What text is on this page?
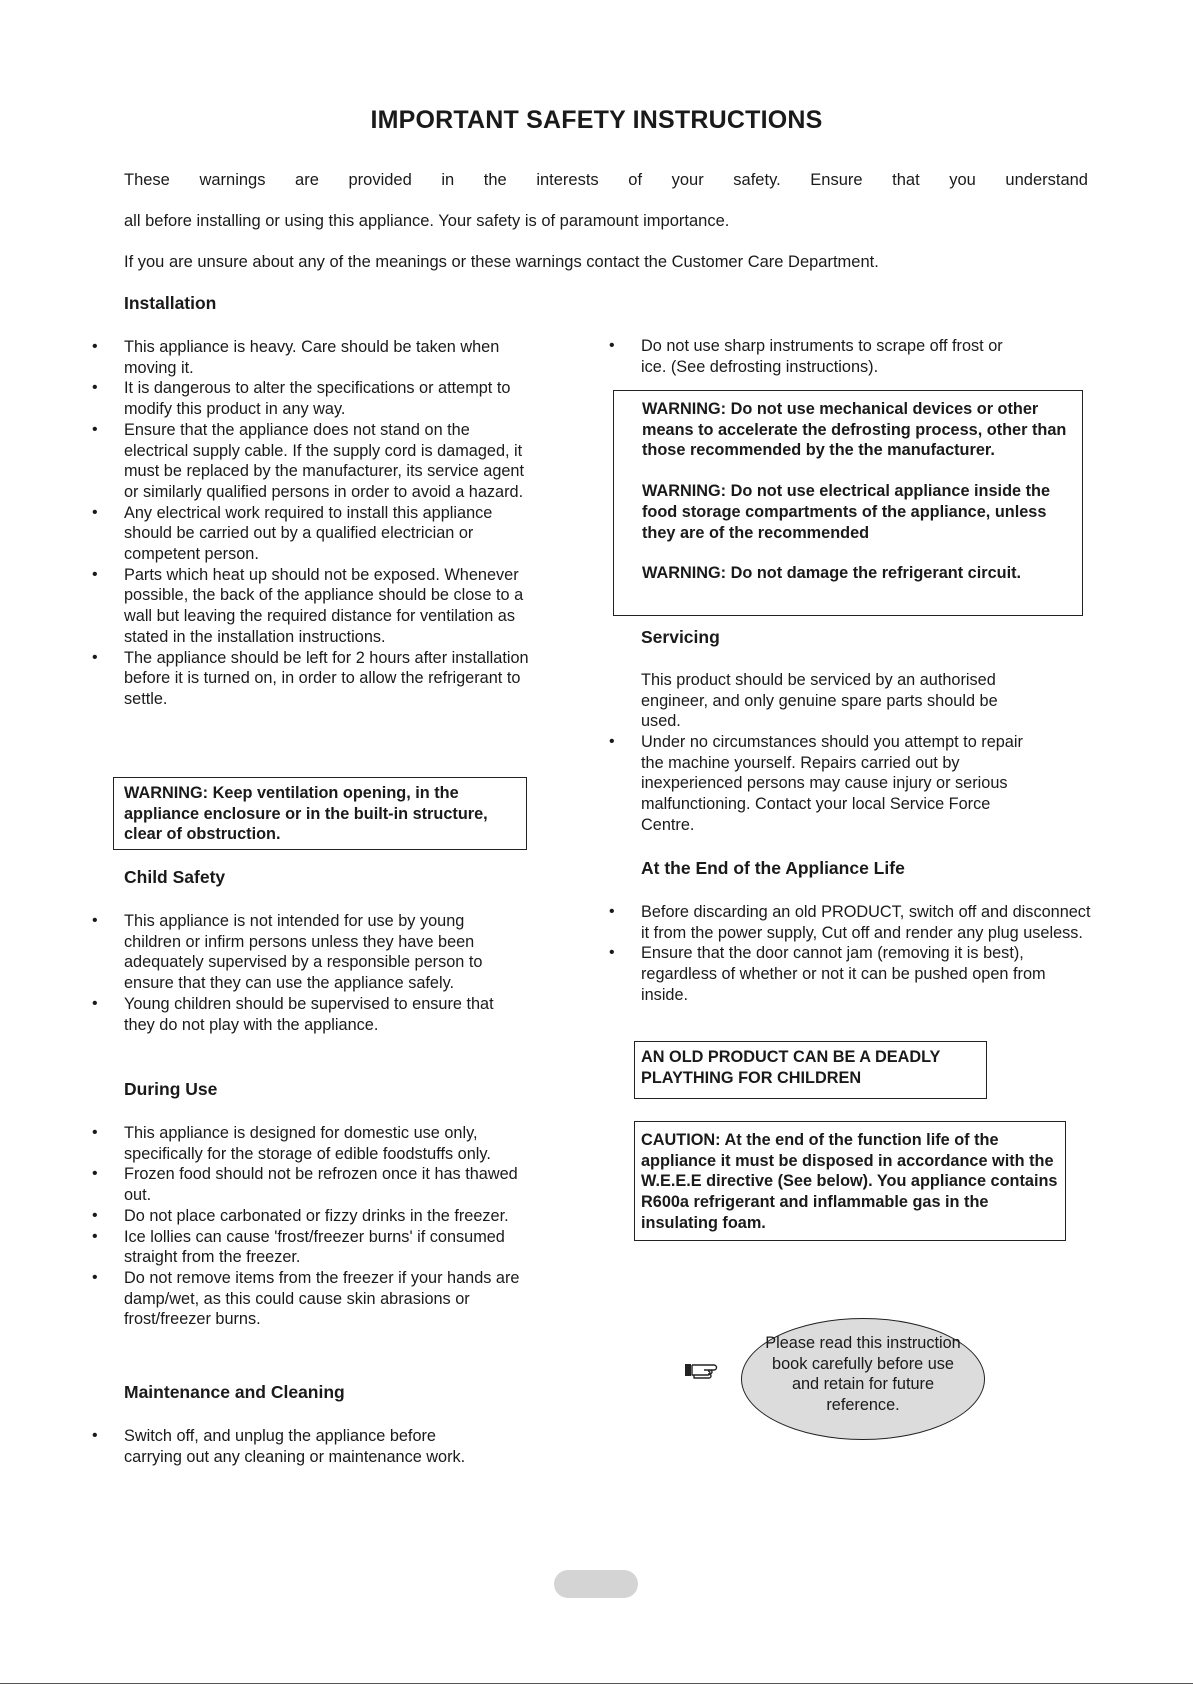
IMPORTANT SAFETY INSTRUCTIONS
These warnings are provided in the interests of your safety. Ensure that you understand
all before installing or using this appliance. Your safety is of paramount importance.
If you are unsure about any of the meanings or these warnings contact the Customer Care Department.
Installation
• This appliance is heavy. Care should be taken when moving it.
• It is dangerous to alter the specifications or attempt to modify this product in any way.
• Ensure that the appliance does not stand on the electrical supply cable. If the supply cord is damaged, it must be replaced by the manufacturer, its service agent or similarly qualified persons in order to avoid a hazard.
• Any electrical work required to install this appliance should be carried out by a qualified electrician or competent person.
• Parts which heat up should not be exposed. Whenever possible, the back of the appliance should be close to a wall but leaving the required distance for ventilation as stated in the installation instructions.
• The appliance should be left for 2 hours after installation before it is turned on, in order to allow the refrigerant to settle.

WARNING: Keep ventilation opening, in the appliance enclosure or in the built-in structure, clear of obstruction.

Child Safety
• This appliance is not intended for use by young children or infirm persons unless they have been adequately supervised by a responsible person to ensure that they can use the appliance safely.
• Young children should be supervised to ensure that they do not play with the appliance.
During Use
• This appliance is designed for domestic use only, specifically for the storage of edible foodstuffs only.
• Frozen food should not be refrozen once it has thawed out.
• Do not place carbonated or fizzy drinks in the freezer.
• Ice lollies can cause 'frost/freezer burns' if consumed straight from the freezer.
• Do not remove items from the freezer if your hands are damp/wet, as this could cause skin abrasions or frost/freezer burns.
Maintenance and Cleaning
• Switch off, and unplug the appliance before carrying out any cleaning or maintenance work.
• Do not use sharp instruments to scrape off frost or ice. (See defrosting instructions).

WARNING: Do not use mechanical devices or other means to accelerate the defrosting process, other than those recommended by the the manufacturer.

WARNING: Do not use electrical appliance inside the food storage compartments of the appliance, unless they are of the recommended

WARNING: Do not damage the refrigerant circuit.

Servicing
This product should be serviced by an authorised engineer, and only genuine spare parts should be used.
• Under no circumstances should you attempt to repair the machine yourself. Repairs carried out by inexperienced persons may cause injury or serious malfunctioning. Contact your local Service Force Centre.
At the End of the Appliance Life
• Before discarding an old PRODUCT, switch off and disconnect it from the power supply, Cut off and render any plug useless.
• Ensure that the door cannot jam (removing it is best), regardless of whether or not it can be pushed open from inside.

AN OLD PRODUCT CAN BE A DEADLY PLAYTHING FOR CHILDREN

CAUTION: At the end of the function life of the appliance it must be disposed in accordance with the W.E.E.E directive (See below). You appliance contains R600a refrigerant and inflammable gas in the insulating foam.

Please read this instruction book carefully before use and retain for future reference.
